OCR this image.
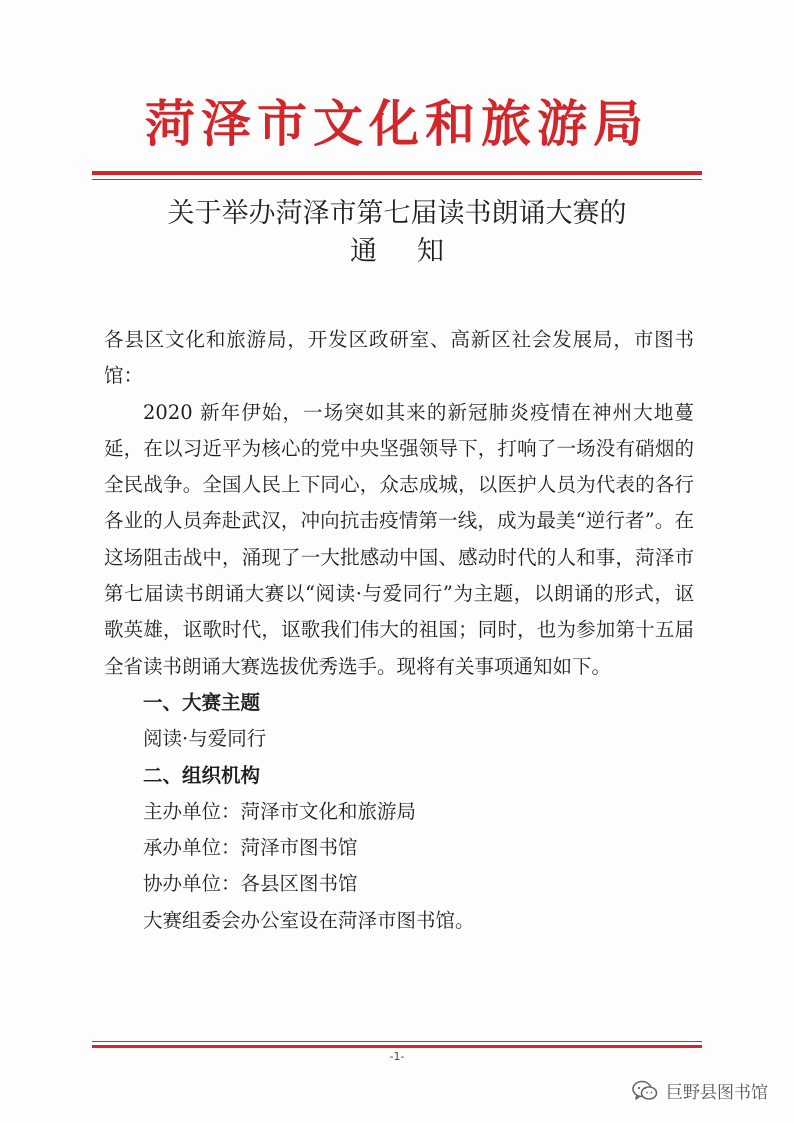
菏泽市文化和旅游局
关于举办菏泽市第七届读书朗诵大赛的
通知

各县区文化和旅游局，开发区政研室、高新区社会发展局，市图书馆：

2020 新年伊始，一场突如其来的新冠肺炎疫情在神州大地蔓延，在以习近平为核心的党中央坚强领导下，打响了一场没有硝烟的全民战争。全国人民上下同心，众志成城，以医护人员为代表的各行各业的人员奔赴武汉，冲向抗击疫情第一线，成为最美“逆行者”。在这场阻击战中，涌现了一大批感动中国、感动时代的人和事，菏泽市第七届读书朗诵大赛以“阅读·与爱同行”为主题，以朗诵的形式，讴歌英雄，讴歌时代，讴歌我们伟大的祖国；同时，也为参加第十五届全省读书朗诵大赛选拔优秀选手。现将有关事项通知如下。

一、大赛主题

阅读·与爱同行

二、组织机构

主办单位：菏泽市文化和旅游局

承办单位：菏泽市图书馆

协办单位：各县区图书馆

大赛组委会办公室设在菏泽市图书馆。

-1-
巨野县图书馆
